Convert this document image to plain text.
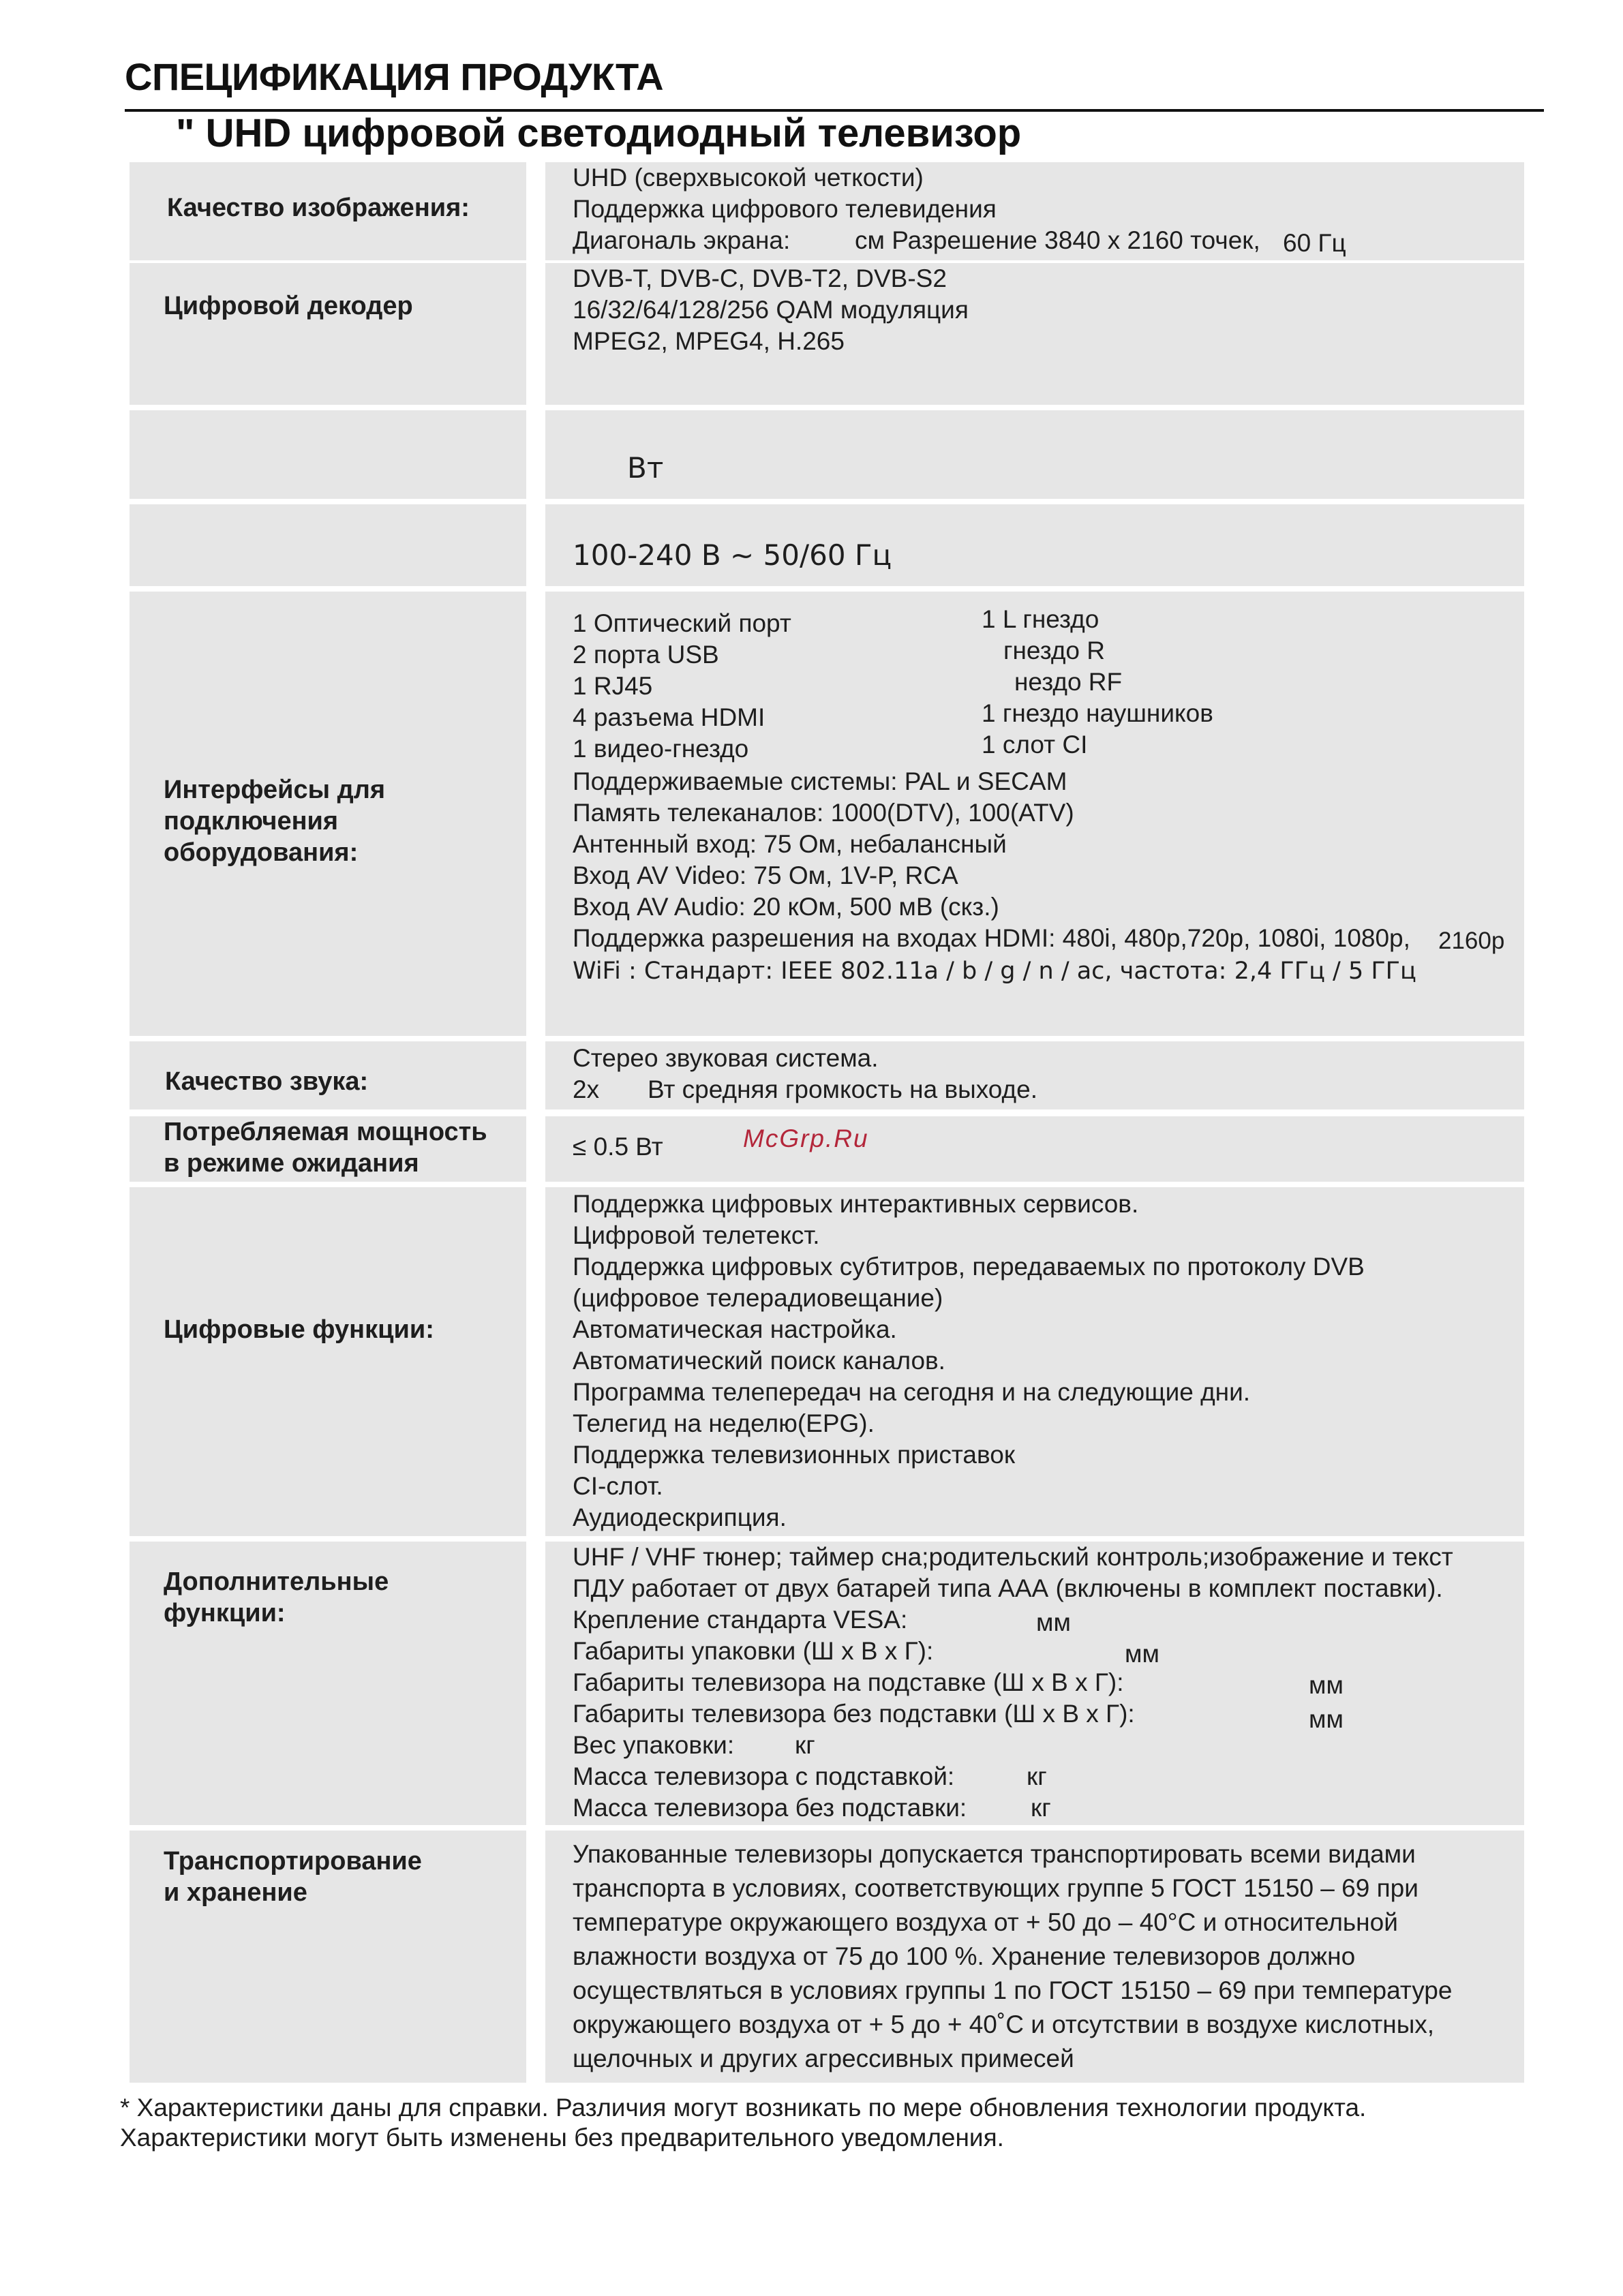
СПЕЦИФИКАЦИЯ ПРОДУКТА
" UHD цифровой светодиодный телевизор
Качество изображения:
UHD (сверхвысокой четкости)
Поддержка цифрового телевидения
Диагональ экрана:	см Разрешение 3840 х 2160 точек, 60 Гц
Цифровой декодер
DVB-T, DVB-C, DVB-T2, DVB-S2
16/32/64/128/256 QAM модуляция
MPEG2, MPEG4, H.265
Вт
100-240 В ~ 50/60 Гц
Интерфейсы для
подключения
оборудования:
1 Оптический порт
2 порта USB
1 RJ45
4 разъема HDMI
1 видео-гнездо
1 L гнездо
гнездо R
нездо RF
1 гнездо наушников
1 слот CI
Поддерживаемые системы: PAL и SECAM
Память телеканалов: 1000(DTV), 100(ATV)
Антенный вход: 75 Ом, небалансный
Вход AV Video: 75 Ом, 1V-P, RCA
Вход AV Audio: 20 кОм, 500 мВ (скз.)
Поддержка разрешения на входах HDMI: 480i, 480p,720p, 1080i, 1080p, 2160p
WiFi : Стандарт: IEEE 802.11a / b / g / n / ac, частота: 2,4 ГГц / 5 ГГц
Качество звука:
Стерео звуковая система.
2x Вт средняя громкость на выходе.
Потребляемая мощность
в режиме ожидания
≤ 0.5 Вт
Цифровые функции:
Поддержка цифровых интерактивных сервисов.
Цифровой телетекст.
Поддержка цифровых субтитров, передаваемых по протоколу DVB
(цифровое телерадиовещание)
Автоматическая настройка.
Автоматический поиск каналов.
Программа телепередач на сегодня и на следующие дни.
Телегид на неделю(EPG).
Поддержка телевизионных приставок
CI-слот.
Аудиодескрипция.
Дополнительные
функции:
UHF / VHF тюнер; таймер сна;родительский контроль;изображение и текст
ПДУ работает от двух батарей типа ААА (включены в комплект поставки).
Крепление стандарта VESA:
Габариты упаковки (Ш х В х Г):
Габариты телевизора на подставке (Ш х В х Г):
Габариты телевизора без подставки (Ш х В х Г):
Вес упаковки:
Масса телевизора с подставкой:
Масса телевизора без подставки:
мм
мм
мм
мм
кг
кг
кг
Транспортирование
и хранение
Упакованные телевизоры допускается транспортировать всеми видами
транспорта в условиях, соответствующих группе 5 ГОСТ 15150 – 69 при
температуре окружающего воздуха от + 50 до – 40°С и относительной
влажности воздуха от 75 до 100 %. Хранение телевизоров должно
осуществляться в условиях группы 1 по ГОСТ 15150 – 69 при температуре
окружающего воздуха от + 5 до + 40˚С и отсутствии в воздухе кислотных,
щелочных и других агрессивных примесей
McGrp.Ru
* Характеристики даны для справки. Различия могут возникать по мере обновления технологии продукта.
Характеристики могут быть изменены без предварительного уведомления.
